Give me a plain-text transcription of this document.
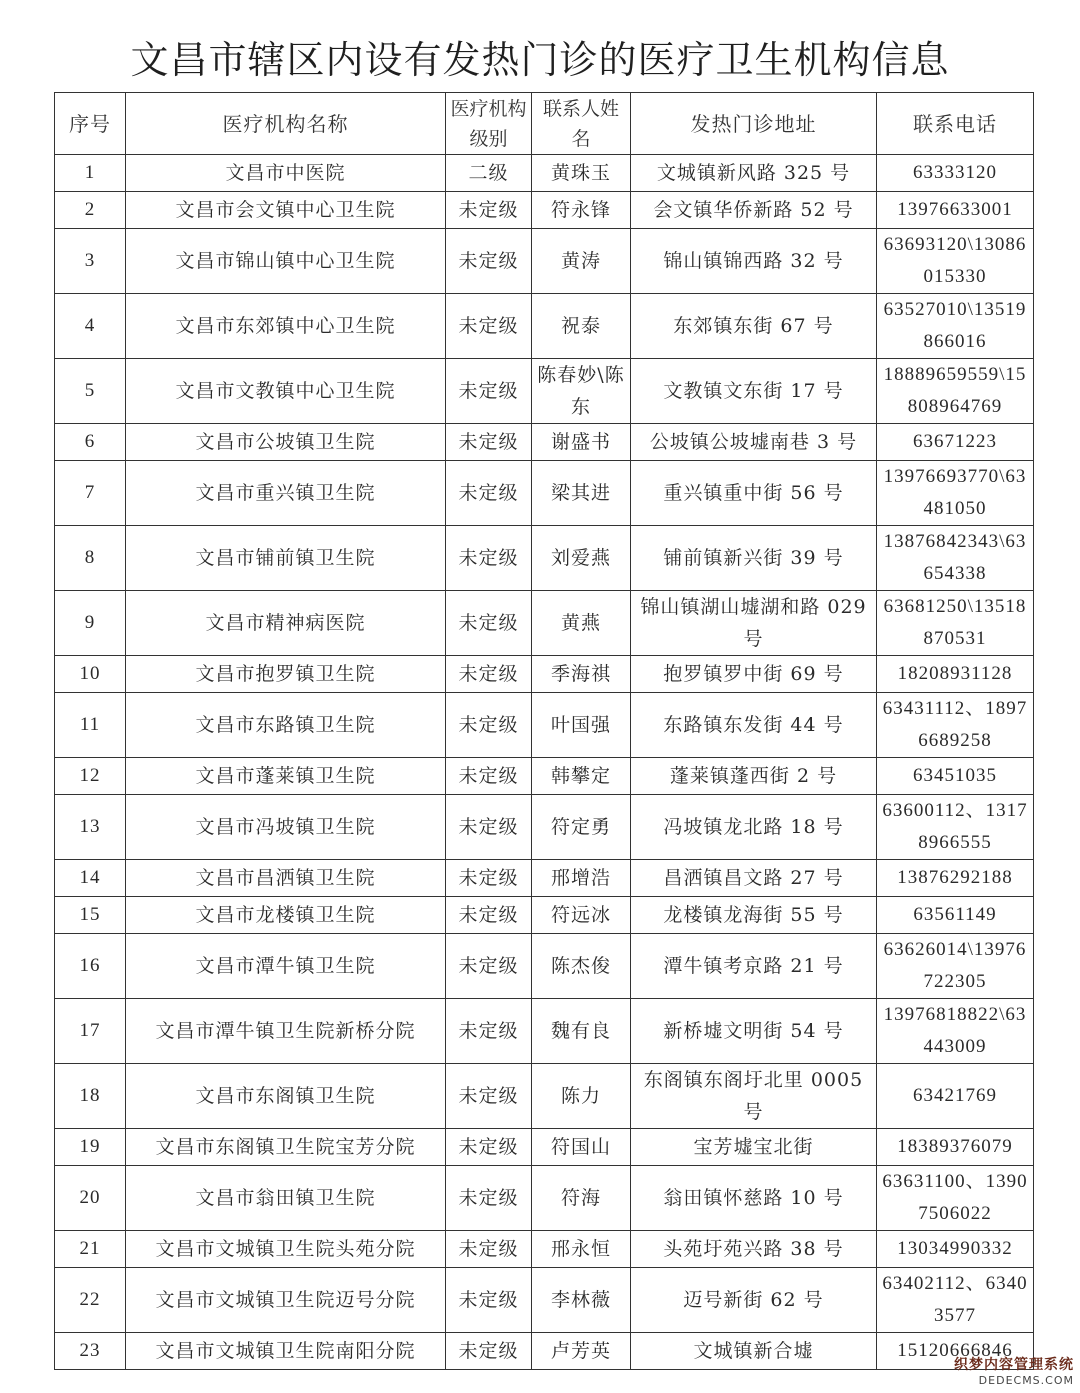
文昌市辖区内设有发热门诊的医疗卫生机构信息
序号	医疗机构名称	医疗机构级别	联系人姓名	发热门诊地址	联系电话
1	文昌市中医院	二级	黄珠玉	文城镇新风路 325 号	63333120
2	文昌市会文镇中心卫生院	未定级	符永锋	会文镇华侨新路 52 号	13976633001
3	文昌市锦山镇中心卫生院	未定级	黄涛	锦山镇锦西路 32 号	63693120\13086015330
4	文昌市东郊镇中心卫生院	未定级	祝泰	东郊镇东街 67 号	63527010\13519866016
5	文昌市文教镇中心卫生院	未定级	陈春妙\陈东	文教镇文东街 17 号	18889659559\15808964769
6	文昌市公坡镇卫生院	未定级	谢盛书	公坡镇公坡墟南巷 3 号	63671223
7	文昌市重兴镇卫生院	未定级	梁其进	重兴镇重中街 56 号	13976693770\63481050
8	文昌市铺前镇卫生院	未定级	刘爱燕	铺前镇新兴街 39 号	13876842343\63654338
9	文昌市精神病医院	未定级	黄燕	锦山镇湖山墟湖和路 029 号	63681250\13518870531
10	文昌市抱罗镇卫生院	未定级	季海祺	抱罗镇罗中街 69 号	18208931128
11	文昌市东路镇卫生院	未定级	叶国强	东路镇东发街 44 号	63431112、18976689258
12	文昌市蓬莱镇卫生院	未定级	韩攀定	蓬莱镇蓬西街 2 号	63451035
13	文昌市冯坡镇卫生院	未定级	符定勇	冯坡镇龙北路 18 号	63600112、13178966555
14	文昌市昌洒镇卫生院	未定级	邢增浩	昌洒镇昌文路 27 号	13876292188
15	文昌市龙楼镇卫生院	未定级	符远冰	龙楼镇龙海街 55 号	63561149
16	文昌市潭牛镇卫生院	未定级	陈杰俊	潭牛镇考京路 21 号	63626014\13976722305
17	文昌市潭牛镇卫生院新桥分院	未定级	魏有良	新桥墟文明街 54 号	13976818822\63443009
18	文昌市东阁镇卫生院	未定级	陈力	东阁镇东阁圩北里 0005 号	63421769
19	文昌市东阁镇卫生院宝芳分院	未定级	符国山	宝芳墟宝北街	18389376079
20	文昌市翁田镇卫生院	未定级	符海	翁田镇怀慈路 10 号	63631100、13907506022
21	文昌市文城镇卫生院头苑分院	未定级	邢永恒	头苑圩苑兴路 38 号	13034990332
22	文昌市文城镇卫生院迈号分院	未定级	李林薇	迈号新街 62 号	63402112、63403577
23	文昌市文城镇卫生院南阳分院	未定级	卢芳英	文城镇新合墟	15120666846
织梦内容管理系统
DEDECMS.COM
